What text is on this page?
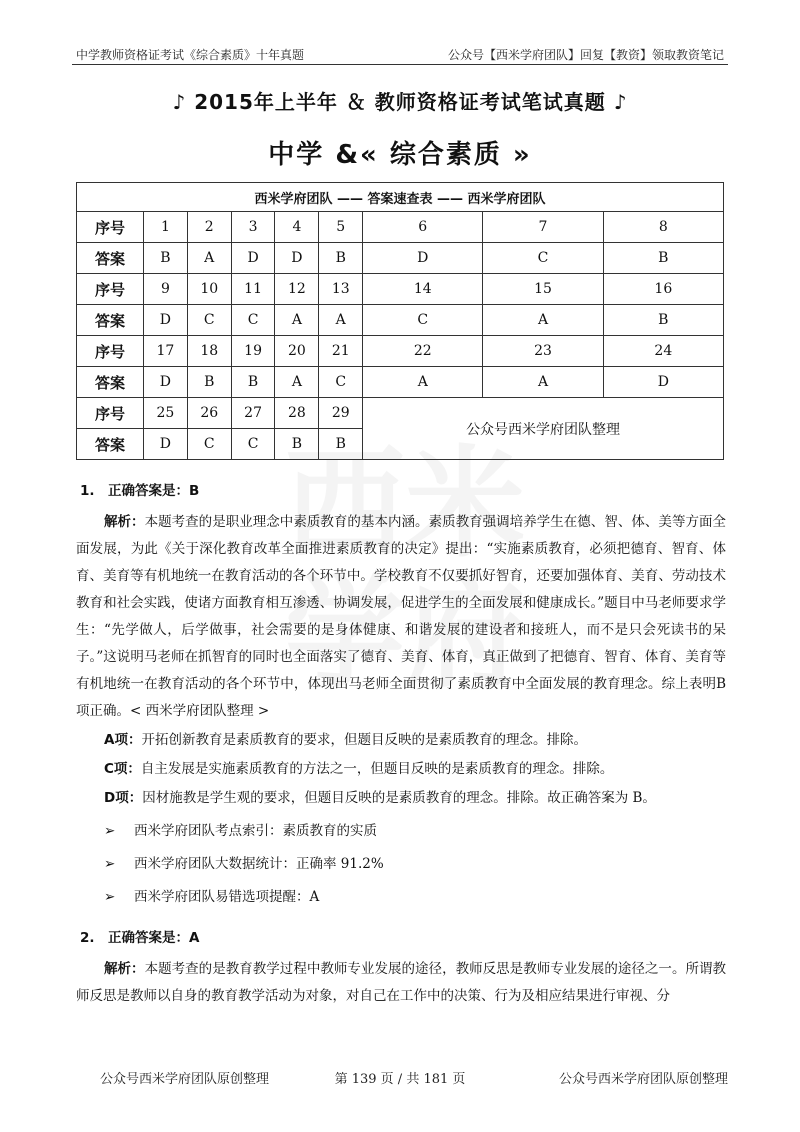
中学教师资格证考试《综合素质》十年真题	公众号【西米学府团队】回复【教资】领取教资笔记
♪ 2015年上半年 ＆ 教师资格证考试笔试真题 ♪
中学 &« 综合素质 »
西米学府团队 —— 答案速查表 —— 西米学府团队								
序号	1	2	3	4	5	6	7	8
答案	B	A	D	D	B	D	C	B
序号	9	10	11	12	13	14	15	16
答案	D	C	C	A	A	C	A	B
序号	17	18	19	20	21	22	23	24
答案	D	B	B	A	C	A	A	D
序号	25	26	27	28	29	公众号西米学府团队整理		
答案	D	C	C	B	B			
1. 正确答案是：B

解析：本题考查的是职业理念中素质教育的基本内涵。素质教育强调培养学生在德、智、体、美等方面全面发展，为此《关于深化教育改革全面推进素质教育的决定》提出：“实施素质教育，必须把德育、智育、体育、美育等有机地统一在教育活动的各个环节中。学校教育不仅要抓好智育，还要加强体育、美育、劳动技术教育和社会实践，使诸方面教育相互渗透、协调发展，促进学生的全面发展和健康成长。”题目中马老师要求学生：“先学做人，后学做事，社会需要的是身体健康、和谐发展的建设者和接班人，而不是只会死读书的呆子。”这说明马老师在抓智育的同时也全面落实了德育、美育、体育，真正做到了把德育、智育、体育、美育等有机地统一在教育活动的各个环节中，体现出马老师全面贯彻了素质教育中全面发展的教育理念。综上表明B项正确。< 西米学府团队整理 >

A项：开拓创新教育是素质教育的要求，但题目反映的是素质教育的理念。排除。
C项：自主发展是实施素质教育的方法之一，但题目反映的是素质教育的理念。排除。
D项：因材施教是学生观的要求，但题目反映的是素质教育的理念。排除。故正确答案为 B。
➢ 西米学府团队考点索引：素质教育的实质
➢ 西米学府团队大数据统计：正确率 91.2%
➢ 西米学府团队易错选项提醒：A
2. 正确答案是：A

解析：本题考查的是教育教学过程中教师专业发展的途径，教师反思是教师专业发展的途径之一。所谓教师反思是教师以自身的教育教学活动为对象，对自己在工作中的决策、行为及相应结果进行审视、分

公众号西米学府团队原创整理	第 139 页 / 共 181 页	公众号西米学府团队原创整理
